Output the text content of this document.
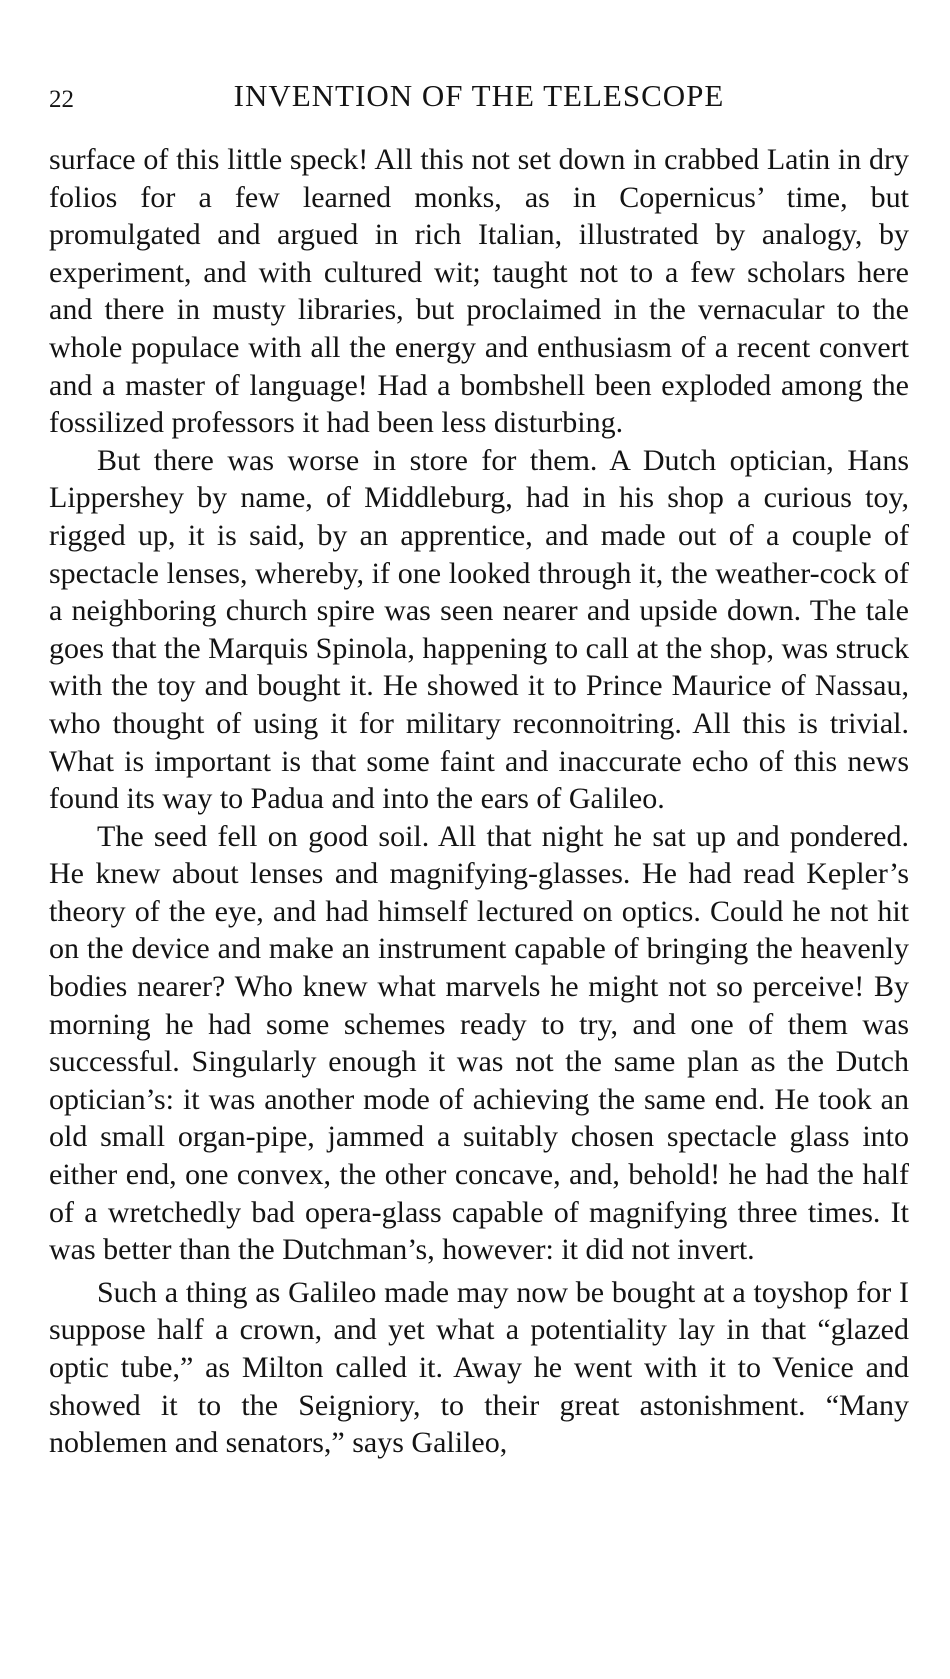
22	INVENTION OF THE TELESCOPE

surface of this little speck! All this not set down in crabbed Latin in dry folios for a few learned monks, as in Copernicus’ time, but promulgated and argued in rich Italian, illustrated by analogy, by experiment, and with cultured wit; taught not to a few scholars here and there in musty libraries, but proclaimed in the vernacular to the whole populace with all the energy and enthusiasm of a recent convert and a master of language! Had a bombshell been exploded among the fossilized professors it had been less disturbing.

But there was worse in store for them. A Dutch optician, Hans Lippershey by name, of Middleburg, had in his shop a curious toy, rigged up, it is said, by an apprentice, and made out of a couple of spectacle lenses, whereby, if one looked through it, the weather-cock of a neighboring church spire was seen nearer and upside down. The tale goes that the Marquis Spinola, happening to call at the shop, was struck with the toy and bought it. He showed it to Prince Maurice of Nassau, who thought of using it for military reconnoitring. All this is trivial. What is important is that some faint and inaccurate echo of this news found its way to Padua and into the ears of Galileo.

The seed fell on good soil. All that night he sat up and pondered. He knew about lenses and magnifying-glasses. He had read Kepler’s theory of the eye, and had himself lectured on optics. Could he not hit on the device and make an instrument capable of bringing the heavenly bodies nearer? Who knew what marvels he might not so perceive! By morning he had some schemes ready to try, and one of them was successful. Singularly enough it was not the same plan as the Dutch optician’s: it was another mode of achieving the same end. He took an old small organ-pipe, jammed a suitably chosen spectacle glass into either end, one convex, the other concave, and, behold! he had the half of a wretchedly bad opera-glass capable of magnifying three times. It was better than the Dutchman’s, however: it did not invert.

Such a thing as Galileo made may now be bought at a toyshop for I suppose half a crown, and yet what a potentiality lay in that “glazed optic tube,” as Milton called it. Away he went with it to Venice and showed it to the Seigniory, to their great astonishment. “Many noblemen and senators,” says Galileo,
